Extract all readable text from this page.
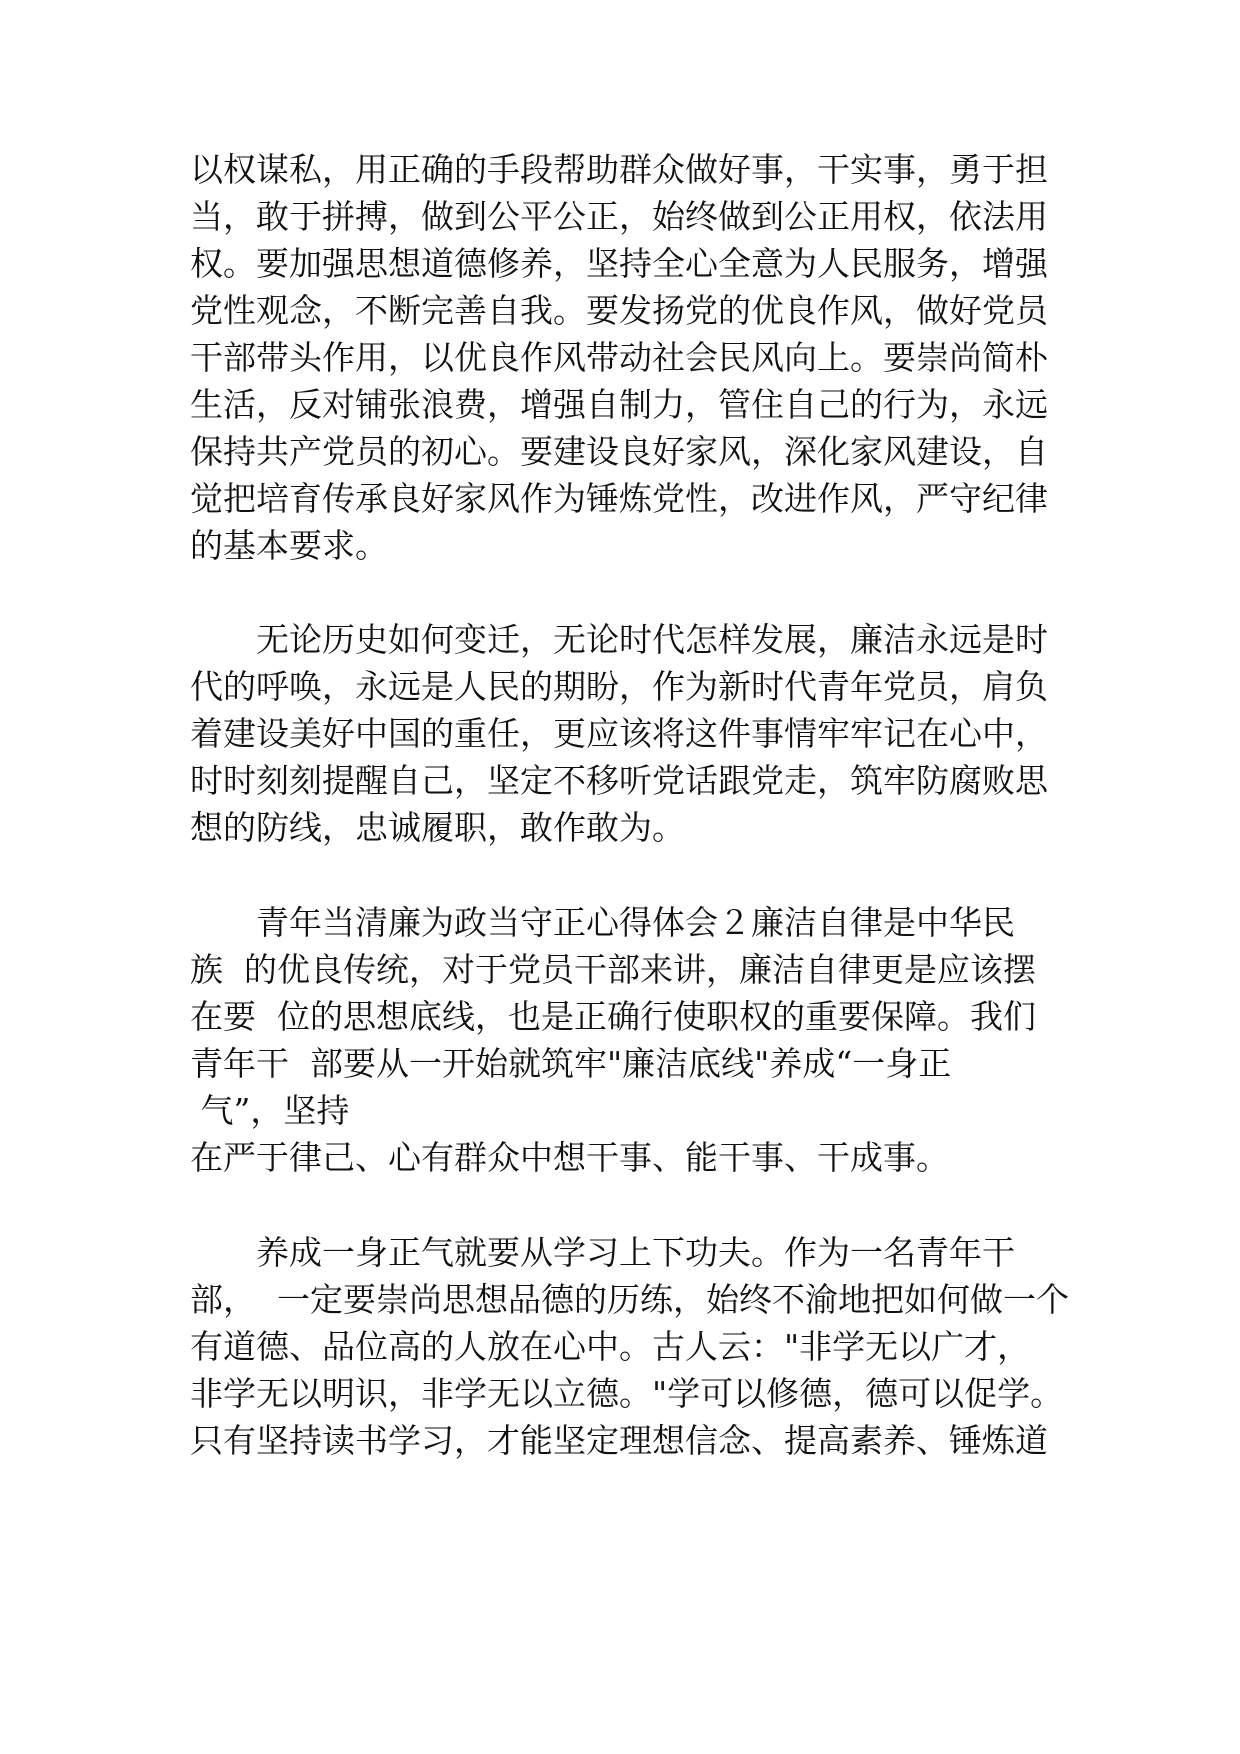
以权谋私，用正确的手段帮助群众做好事，干实事，勇于担

当，敢于拼搏，做到公平公正，始终做到公正用权，依法用

权。要加强思想道德修养，坚持全心全意为人民服务，增强

党性观念，不断完善自我。要发扬党的优良作风，做好党员

干部带头作用，以优良作风带动社会民风向上。要崇尚简朴

生活，反对铺张浪费，增强自制力，管住自己的行为，永远

保持共产党员的初心。要建设良好家风，深化家风建设，自

觉把培育传承良好家风作为锤炼党性，改进作风，严守纪律

的基本要求。

无论历史如何变迁，无论时代怎样发展，廉洁永远是时

代的呼唤，永远是人民的期盼，作为新时代青年党员，肩负

着建设美好中国的重任，更应该将这件事情牢牢记在心中，

时时刻刻提醒自己，坚定不移听党话跟党走，筑牢防腐败思

想的防线，忠诚履职，敢作敢为。

青年当清廉为政当守正心得体会２廉洁自律是中华民

族  的优良传统，对于党员干部来讲，廉洁自律更是应该摆

在要  位的思想底线，也是正确行使职权的重要保障。我们

青年干  部要从一开始就筑牢"廉洁底线"养成“一身正

气”，坚持

在严于律己、心有群众中想干事、能干事、干成事。

养成一身正气就要从学习上下功夫。作为一名青年干

部，  一定要崇尚思想品德的历练，始终不渝地把如何做一个

有道德、品位高的人放在心中。古人云："非学无以广才，

非学无以明识，非学无以立德。"学可以修德，德可以促学。

只有坚持读书学习，才能坚定理想信念、提高素养、锤炼道
